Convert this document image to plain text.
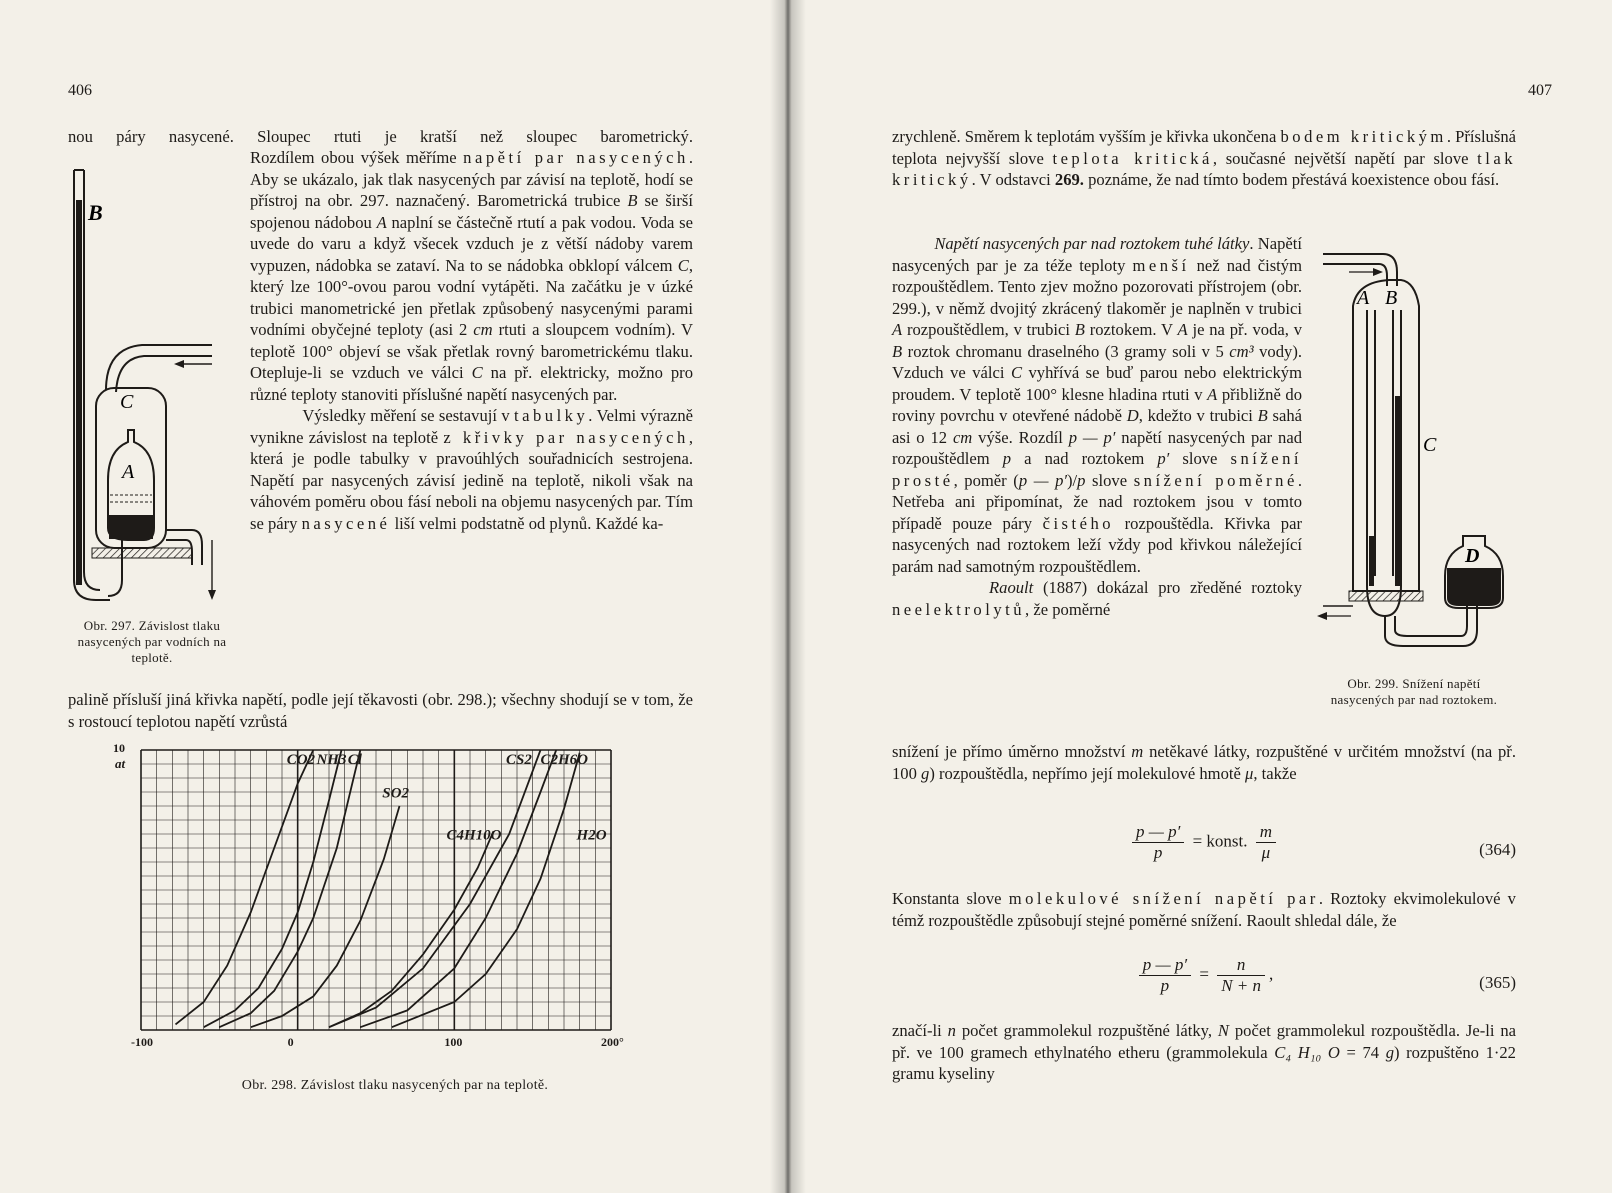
406
nou páry nasycené. Sloupec rtuti je kratší než sloupec barometrický.
B
C
A
Obr. 297. Závislost tlaku nasycených par vodních na teplotě.
Rozdílem obou výšek měříme napětí par nasycených. Aby se ukázalo, jak tlak nasycených par závisí na teplotě, hodí se přístroj na obr. 297. naznačený. Barometrická trubice B se širší spojenou nádobou A naplní se částečně rtutí a pak vodou. Voda se uvede do varu a když všecek vzduch je z větší nádoby varem vypuzen, nádobka se zataví. Na to se nádobka obklopí válcem C, který lze 100°-ovou parou vodní vytápěti. Na začátku je v úzké trubici manometrické jen přetlak způsobený nasycenými parami vodními obyčejné teploty (asi 2 cm rtuti a sloupcem vodním). V teplotě 100° objeví se však přetlak rovný barometrickému tlaku. Otepluje-li se vzduch ve válci C na př. elektricky, možno pro různé teploty stanoviti příslušné napětí nasycených par.
Výsledky měření se sestavují v tabulky. Velmi výrazně vynikne závislost na teplotě z křivky par nasycených, která je podle tabulky v pravoúhlých souřadnicích sestrojena. Napětí par nasycených závisí jedině na teplotě, nikoli však na váhovém poměru obou fásí neboli na objemu nasycených par. Tím se páry nasycené liší velmi podstatně od plynů. Každé ka-
palině přísluší jiná křivka napětí, podle její těkavosti (obr. 298.); všechny shodují se v tom, že s rostoucí teplotou napětí vzrůstá
CO2 NH3 Cl
SO2
C4H10O
CS2 C2H6O
H2O
-100	0	100	200°
10
at
Obr. 298. Závislost tlaku nasycených par na teplotě.
407
zrychleně. Směrem k teplotám vyšším je křivka ukončena bodem kritickým. Příslušná teplota nejvyšší slove teplota kritická, současné největší napětí par slove tlak kritický. V odstavci 269. poznáme, že nad tímto bodem přestává koexistence obou fásí.
Napětí nasycených par nad roztokem tuhé látky. Napětí nasycených par je za téže teploty menší než nad čistým rozpouštědlem. Tento zjev možno pozorovati přístrojem (obr. 299.), v němž dvojitý zkrácený tlakoměr je naplněn v trubici A rozpouštědlem, v trubici B roztokem. V A je na př. voda, v B roztok chromanu draselného (3 gramy soli v 5 cm³ vody). Vzduch ve válci C vyhřívá se buď parou nebo elektrickým proudem. V teplotě 100° klesne hladina rtuti v A přibližně do roviny povrchu v otevřené nádobě D, kdežto v trubici B sahá asi o 12 cm výše. Rozdíl p — p′ napětí nasycených par nad rozpouštědlem p a nad roztokem p′ slove snížení prosté, poměr (p — p′)/p slove snížení poměrné. Netřeba ani připomínat, že nad roztokem jsou v tomto případě pouze páry čistého rozpouštědla. Křivka par nasycených nad roztokem leží vždy pod křivkou náležející parám nad samotným rozpouštědlem.
Raoult (1887) dokázal pro zředěné roztoky neelektrolytů, že poměrné
A B
C
D
Obr. 299. Snížení napětí nasycených par nad roztokem.
snížení je přímo úměrno množství m netěkavé látky, rozpuštěné v určitém množství (na př. 100 g) rozpouštědla, nepřímo její molekulové hmotě μ, takže
$\frac{p — p'}{p}$ = konst. $\frac{m}{\mu}$	(364)
Konstanta slove molekulové snížení napětí par. Roztoky ekvimolekulové v témž rozpouštědle způsobují stejné poměrné snížení. Raoult shledal dále, že
$\frac{p — p'}{p} = \frac{n}{N + n}$ ,	(365)
značí-li n počet grammolekul rozpuštěné látky, N počet grammolekul rozpouštědla. Je-li na př. ve 100 gramech ethylnatého etheru (grammolekula C₄ H₁₀ O = 74 g) rozpuštěno 1·22 gramu kyseliny
